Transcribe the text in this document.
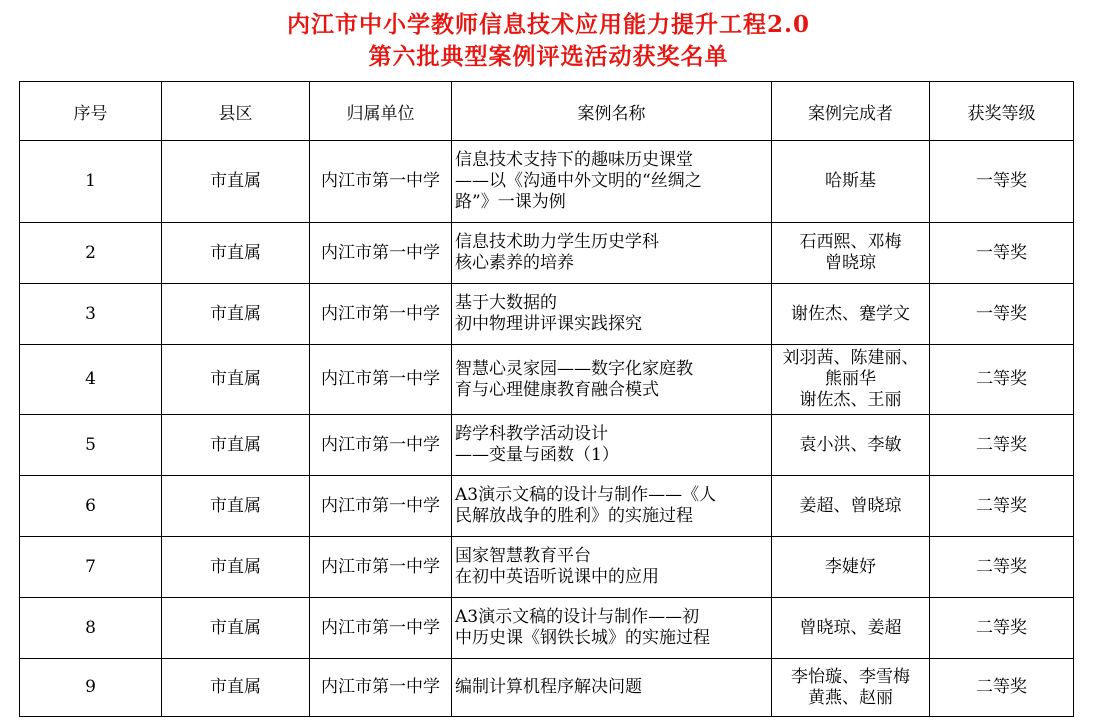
内江市中小学教师信息技术应用能力提升工程2.0
第六批典型案例评选活动获奖名单
序号	县区	归属单位	案例名称	案例完成者	获奖等级
1	市直属	内江市第一中学	信息技术支持下的趣味历史课堂
——以《沟通中外文明的“丝绸之
路”》一课为例	哈斯基	一等奖
2	市直属	内江市第一中学	信息技术助力学生历史学科
核心素养的培养	石西熙、邓梅
曾晓琼	一等奖
3	市直属	内江市第一中学	基于大数据的
初中物理讲评课实践探究	谢佐杰、蹇学文	一等奖
4	市直属	内江市第一中学	智慧心灵家园——数字化家庭教
育与心理健康教育融合模式	刘羽茜、陈建丽、
熊丽华
谢佐杰、王丽	二等奖
5	市直属	内江市第一中学	跨学科教学活动设计
——变量与函数（1）	袁小洪、李敏	二等奖
6	市直属	内江市第一中学	A3演示文稿的设计与制作——《人
民解放战争的胜利》的实施过程	姜超、曾晓琼	二等奖
7	市直属	内江市第一中学	国家智慧教育平台
在初中英语听说课中的应用	李婕妤	二等奖
8	市直属	内江市第一中学	A3演示文稿的设计与制作——初
中历史课《钢铁长城》的实施过程	曾晓琼、姜超	二等奖
9	市直属	内江市第一中学	编制计算机程序解决问题	李怡璇、李雪梅
黄燕、赵丽	二等奖
